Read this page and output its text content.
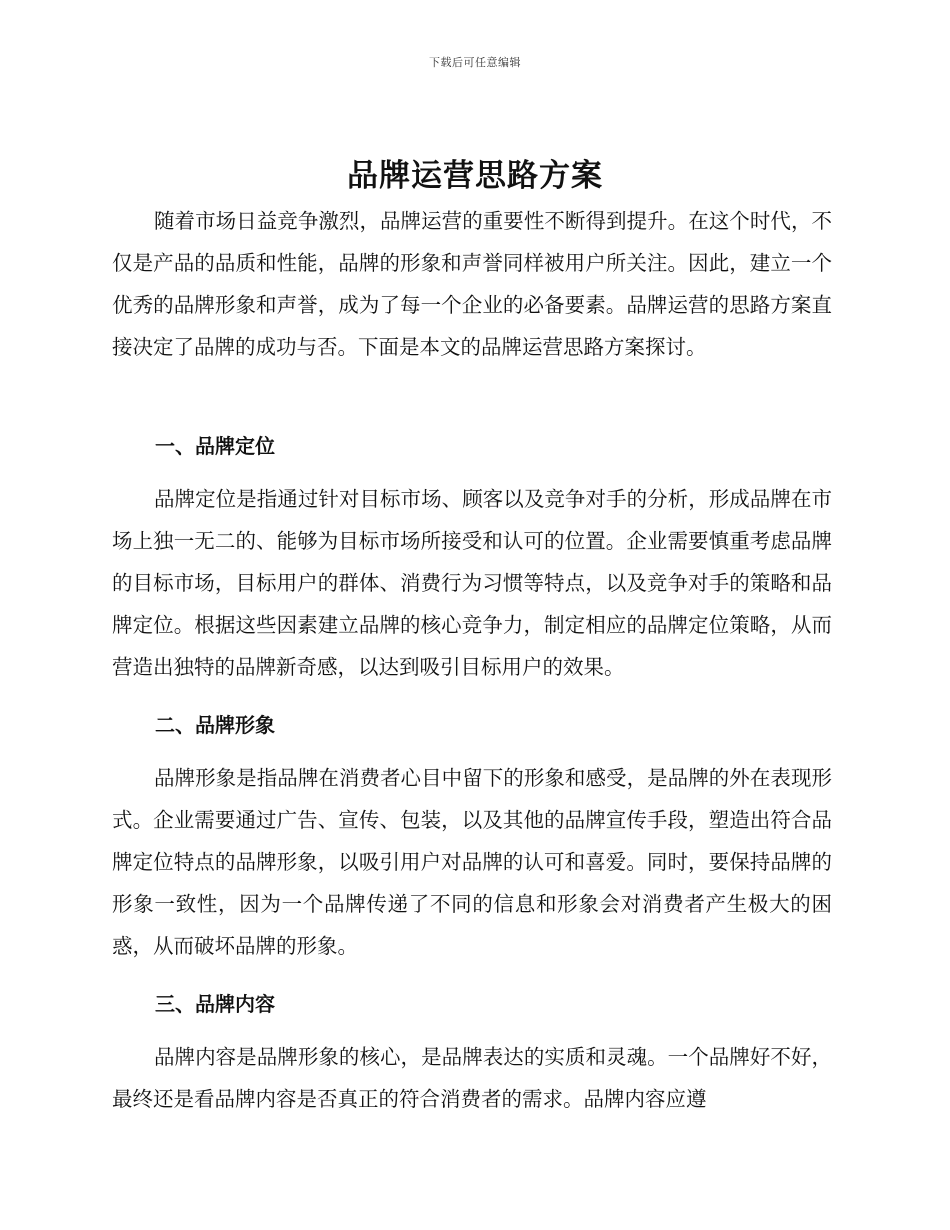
下载后可任意编辑
品牌运营思路方案

随着市场日益竞争激烈，品牌运营的重要性不断得到提升。在这个时代，不仅是产品的品质和性能，品牌的形象和声誉同样被用户所关注。因此，建立一个优秀的品牌形象和声誉，成为了每一个企业的必备要素。品牌运营的思路方案直接决定了品牌的成功与否。下面是本文的品牌运营思路方案探讨。

一、品牌定位

品牌定位是指通过针对目标市场、顾客以及竞争对手的分析，形成品牌在市场上独一无二的、能够为目标市场所接受和认可的位置。企业需要慎重考虑品牌的目标市场，目标用户的群体、消费行为习惯等特点，以及竞争对手的策略和品牌定位。根据这些因素建立品牌的核心竞争力，制定相应的品牌定位策略，从而营造出独特的品牌新奇感，以达到吸引目标用户的效果。

二、品牌形象

品牌形象是指品牌在消费者心目中留下的形象和感受，是品牌的外在表现形式。企业需要通过广告、宣传、包装，以及其他的品牌宣传手段，塑造出符合品牌定位特点的品牌形象，以吸引用户对品牌的认可和喜爱。同时，要保持品牌的形象一致性，因为一个品牌传递了不同的信息和形象会对消费者产生极大的困惑，从而破坏品牌的形象。

三、品牌内容

品牌内容是品牌形象的核心，是品牌表达的实质和灵魂。一个品牌好不好，最终还是看品牌内容是否真正的符合消费者的需求。品牌内容应遵
